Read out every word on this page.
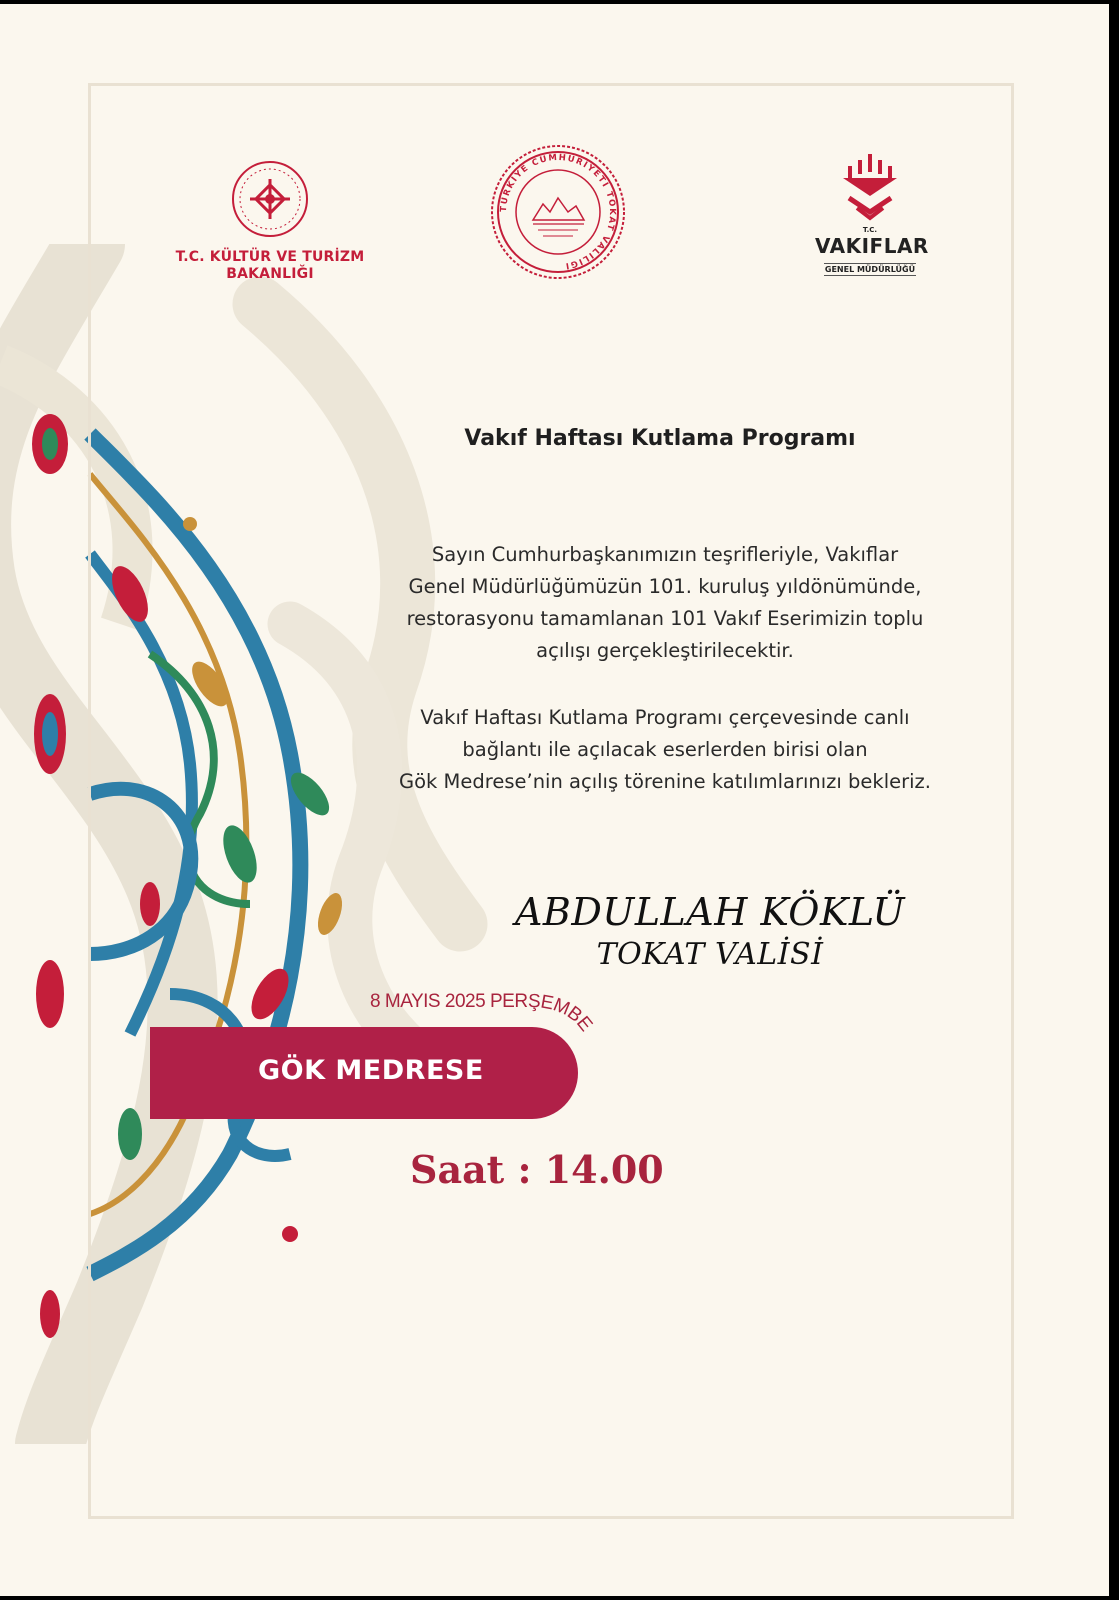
T.C. KÜLTÜR VE TURİZM
BAKANLIĞI
TÜRKİYE CUMHURİYETİ TOKAT VALİLİĞİ
T.C.
VAKIFLAR
GENEL MÜDÜRLÜĞÜ
Vakıf Haftası Kutlama Programı
Sayın Cumhurbaşkanımızın teşrifleriyle, Vakıflar
Genel Müdürlüğümüzün 101. kuruluş yıldönümünde,
restorasyonu tamamlanan 101 Vakıf Eserimizin toplu
açılışı gerçekleştirilecektir.
Vakıf Haftası Kutlama Programı çerçevesinde canlı
bağlantı ile açılacak eserlerden birisi olan
Gök Medrese’nin açılış törenine katılımlarınızı bekleriz.
ABDULLAH KÖKLÜ
TOKAT VALİSİ
8 MAYIS 2025 PERŞEMBE
GÖK MEDRESE
Saat : 14.00
